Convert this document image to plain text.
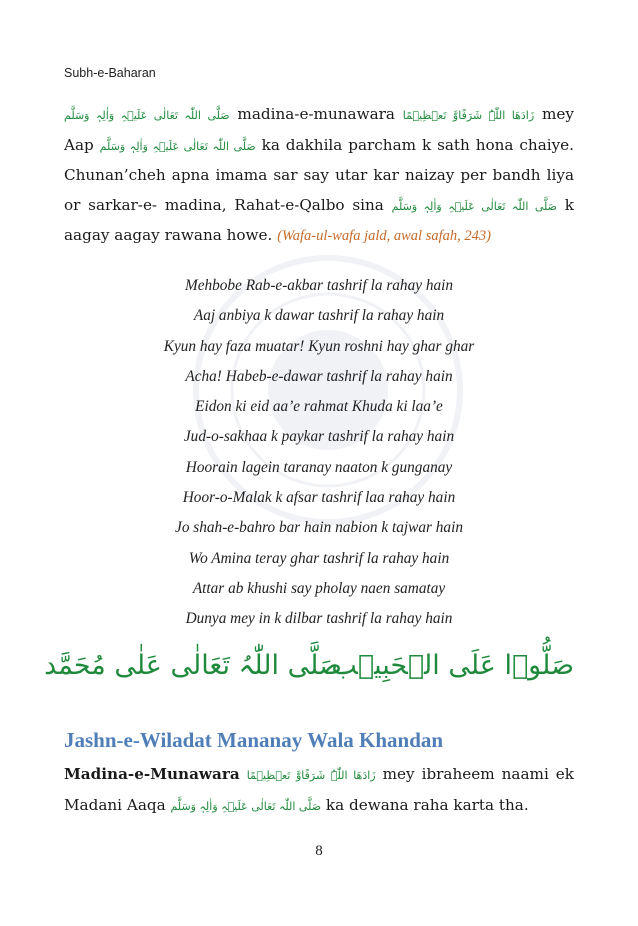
Subh-e-Baharan
صَلَّی اللّٰہ تَعَالٰی عَلَیۡہِ وَاٰلِہٖ وَسَلَّم madina-e-munawara زَادَھَا اللّٰہُ شَرَفًاوَّ تَعۡظِیۡمًا mey Aap صَلَّی اللّٰہ تَعَالٰی عَلَیۡہِ وَاٰلِہٖ وَسَلَّم ka dakhila parcham k sath hona chaiye. Chunan’cheh apna imama sar say utar kar naizay per bandh liya or sarkar-e- madina, Rahat-e-Qalbo sina صَلَّی اللّٰہ تَعَالٰی عَلَیۡہِ وَاٰلِہٖ وَسَلَّم k aagay aagay rawana howe. (Wafa-ul-wafa jald, awal safah, 243)
Mehbobe Rab-e-akbar tashrif la rahay hain
Aaj anbiya k dawar tashrif la rahay hain
Kyun hay faza muatar! Kyun roshni hay ghar ghar
Acha! Habeb-e-dawar tashrif la rahay hain
Eidon ki eid aa’e rahmat Khuda ki laa’e
Jud-o-sakhaa k paykar tashrif la rahay hain
Hoorain lagein taranay naaton k gunganay
Hoor-o-Malak k afsar tashrif laa rahay hain
Jo shah-e-bahro bar hain nabion k tajwar hain
Wo Amina teray ghar tashrif la rahay hain
Attar ab khushi say pholay naen samatay
Dunya mey in k dilbar tashrif la rahay hain
صَلُّوۡا عَلَی الۡحَبِیۡب
صَلَّی اللّٰہُ تَعَالٰی عَلٰی مُحَمَّد
Jashn-e-Wiladat Mananay Wala Khandan
Madina-e-Munawara زَادَھَا اللّٰہُ شَرَفًاوَّ تَعۡظِیۡمًا mey ibraheem naami ek Madani Aaqa صَلَّی اللّٰہ تَعَالٰی عَلَیۡہِ وَاٰلِہٖ وَسَلَّم ka dewana raha karta tha.
8
